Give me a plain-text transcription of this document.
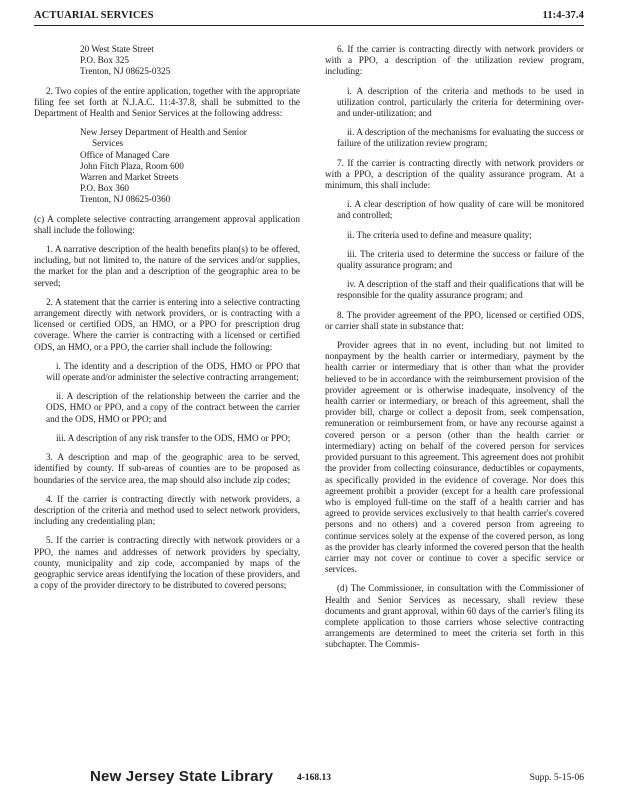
ACTUARIAL SERVICES	11:4-37.4
20 West State Street
P.O. Box 325
Trenton, NJ 08625-0325

2. Two copies of the entire application, together with the appropriate filing fee set forth at N.J.A.C. 11:4-37.8, shall be submitted to the Department of Health and Senior Services at the following address:

New Jersey Department of Health and Senior
Services
Office of Managed Care
John Fitch Plaza, Room 600
Warren and Market Streets
P.O. Box 360
Trenton, NJ 08625-0360

(c) A complete selective contracting arrangement approval application shall include the following:

1. A narrative description of the health benefits plan(s) to be offered, including, but not limited to, the nature of the services and/or supplies, the market for the plan and a description of the geographic area to be served;

2. A statement that the carrier is entering into a selective contracting arrangement directly with network providers, or is contracting with a licensed or certified ODS, an HMO, or a PPO for prescription drug coverage. Where the carrier is contracting with a licensed or certified ODS, an HMO, or a PPO, the carrier shall include the following:

i. The identity and a description of the ODS, HMO or PPO that will operate and/or administer the selective contracting arrangement;

ii. A description of the relationship between the carrier and the ODS, HMO or PPO, and a copy of the contract between the carrier and the ODS, HMO or PPO; and

iii. A description of any risk transfer to the ODS, HMO or PPO;

3. A description and map of the geographic area to be served, identified by county. If sub-areas of counties are to be proposed as boundaries of the service area, the map should also include zip codes;

4. If the carrier is contracting directly with network providers, a description of the criteria and method used to select network providers, including any credentialing plan;

5. If the carrier is contracting directly with network providers or a PPO, the names and addresses of network providers by specialty, county, municipality and zip code, accompanied by maps of the geographic service areas identifying the location of these providers, and a copy of the provider directory to be distributed to covered persons;

6. If the carrier is contracting directly with network providers or with a PPO, a description of the utilization review program, including:

i. A description of the criteria and methods to be used in utilization control, particularly the criteria for determining over- and under-utilization; and

ii. A description of the mechanisms for evaluating the success or failure of the utilization review program;

7. If the carrier is contracting directly with network providers or with a PPO, a description of the quality assurance program. At a minimum, this shall include:

i. A clear description of how quality of care will be monitored and controlled;

ii. The criteria used to define and measure quality;

iii. The criteria used to determine the success or failure of the quality assurance program; and

iv. A description of the staff and their qualifications that will be responsible for the quality assurance program; and

8. The provider agreement of the PPO, licensed or certified ODS, or carrier shall state in substance that:

Provider agrees that in no event, including but not limited to nonpayment by the health carrier or intermediary, payment by the health carrier or intermediary that is other than what the provider believed to be in accordance with the reimbursement provision of the provider agreement or is otherwise inadequate, insolvency of the health carrier or intermediary, or breach of this agreement, shall the provider bill, charge or collect a deposit from, seek compensation, remuneration or reimbursement from, or have any recourse against a covered person or a person (other than the health carrier or intermediary) acting on behalf of the covered person for services provided pursuant to this agreement. This agreement does not prohibit the provider from collecting coinsurance, deductibles or copayments, as specifically provided in the evidence of coverage. Nor does this agreement prohibit a provider (except for a health care professional who is employed full-time on the staff of a health carrier and has agreed to provide services exclusively to that health carrier's covered persons and no others) and a covered person from agreeing to continue services solely at the expense of the covered person, as long as the provider has clearly informed the covered person that the health carrier may not cover or continue to cover a specific service or services.

(d) The Commissioner, in consultation with the Commissioner of Health and Senior Services as necessary, shall review these documents and grant approval, within 60 days of the carrier's filing its complete application to those carriers whose selective contracting arrangements are determined to meet the criteria set forth in this subchapter. The Commis-

New Jersey State Library	4-168.13	Supp. 5-15-06
